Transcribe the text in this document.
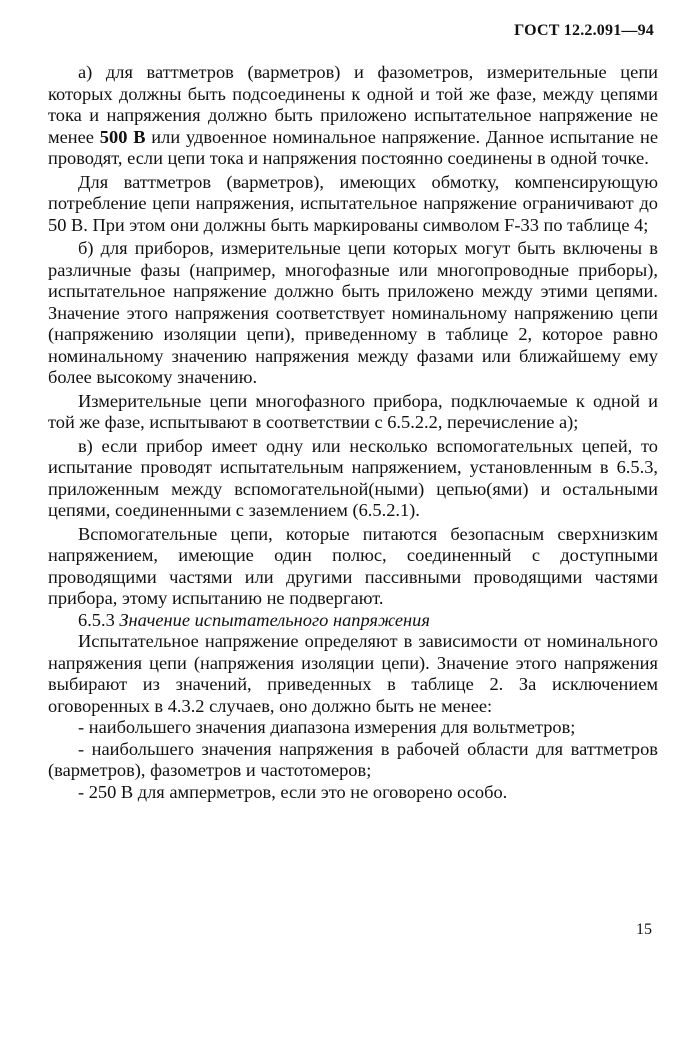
ГОСТ 12.2.091—94

а) для ваттметров (варметров) и фазометров, измерительные цепи которых должны быть подсоединены к одной и той же фазе, между цепями тока и напряжения должно быть приложено испытательное напряжение не менее 500 В или удвоенное номинальное напряжение. Данное испытание не проводят, если цепи тока и напряжения постоянно соединены в одной точке.

Для ваттметров (варметров), имеющих обмотку, компенсирующую потребление цепи напряжения, испытательное напряжение ограничивают до 50 В. При этом они должны быть маркированы символом F-33 по таблице 4;

б) для приборов, измерительные цепи которых могут быть включены в различные фазы (например, многофазные или многопроводные приборы), испытательное напряжение должно быть приложено между этими цепями. Значение этого напряжения соответствует номинальному напряжению цепи (напряжению изоляции цепи), приведенному в таблице 2, которое равно номинальному значению напряжения между фазами или ближайшему ему более высокому значению.

Измерительные цепи многофазного прибора, подключаемые к одной и той же фазе, испытывают в соответствии с 6.5.2.2, перечисление а);

в) если прибор имеет одну или несколько вспомогательных цепей, то испытание проводят испытательным напряжением, установленным в 6.5.3, приложенным между вспомогательной(ными) цепью(ями) и остальными цепями, соединенными с заземлением (6.5.2.1).

Вспомогательные цепи, которые питаются безопасным сверхнизким напряжением, имеющие один полюс, соединенный с доступными проводящими частями или другими пассивными проводящими частями прибора, этому испытанию не подвергают.

6.5.3 Значение испытательного напряжения

Испытательное напряжение определяют в зависимости от номинального напряжения цепи (напряжения изоляции цепи). Значение этого напряжения выбирают из значений, приведенных в таблице 2. За исключением оговоренных в 4.3.2 случаев, оно должно быть не менее:

- наибольшего значения диапазона измерения для вольтметров;

- наибольшего значения напряжения в рабочей области для ваттметров (варметров), фазометров и частотомеров;

- 250 В для амперметров, если это не оговорено особо.

15
